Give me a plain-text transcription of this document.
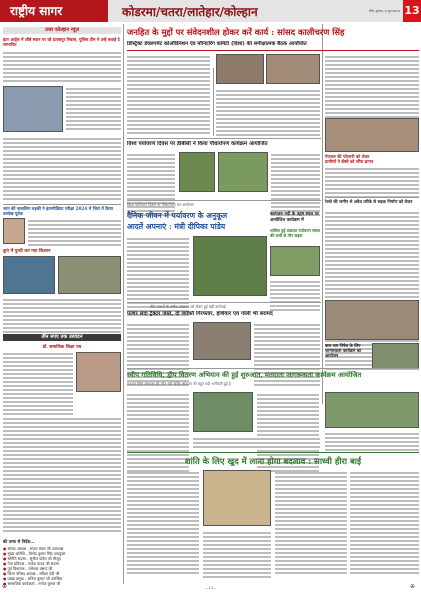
राष्ट्रीय सागर	कोडरमा/चतरा/लातेहार/कोल्हान	राँची, गुरुवार, 6 जून 2024 13
उत्तर कोल्हान न्यूज़
इंटर आर्ट्स में शीर्ष स्थान पर रहे प्रताबपुर निवास, पुलिस टीम ने उन्हें बधाई दे सम्मानित
जाम की नाबालिग लड़की ने इंटरमीडियट परीक्षा 2024 में जिले में किया उल्लेख पूर्वक
कुएं में गुत्थी कर गया किसान
तीन रुपए तक उत्पादन
डॉ. समाजिक शिक्षा पथ
की तरफ से निर्देश...
● सांसद अध्यक्ष - संजय मंडल जी उपाध्यक्ष
● मुख्य अतिथि - विनोद कुमार सिंह उपायुक्त
● समिति सदस्य - सुनील पांडेय जी मौजूद
● नेता प्रतिपक्ष - राजेश यादव जी सदस्य
● पूर्व विधायक - रामेश्वर प्रसाद जी
● जिला परिषद अध्यक्ष - सविता देवी जी
● प्रखंड प्रमुख - अनिल कुमार जी उपस्थित
● सामाजिक कार्यकर्ता - मनोज कुमार जी
जनहित के मुद्दों पर संवेदनशील होकर करें कार्य : सांसद कालीचरण सिंह
डिस्ट्रिक्ट डेवलपमेंट कोऑर्डिनेशन एंड मॉनिटरिंग कमिटी (दिशा) की समीक्षात्मक बैठक आयोजित
विश्व पर्यावरण दिवस पर डीबीसी ने किया पौधारोपण कार्यक्रम आयोजित
पेयजल की परेशानी को लेकर
ग्रामीणों ने डीसी को सौंपा ज्ञापन
रेलवे की जमीन से अवैध तरीके से सड़क निर्माण को लेकर
विश्व पर्यावरण दिवस पर पौधारोपण का आयोजन
दैनिक जीवन में पर्यावरण के अनुकूल
आदतें अपनाएं : मंत्री दीपिका पांडेय
कल्पतरु नदी के उद्गम स्थल पर आयोजित कार्यक्रम में
शामिल हुई प्रख्यात पर्यावरण संस्था की कमी से तीन सड़क
तीन पत्थरों के अवैध उत्खनन को लेकर हुई बड़ी कार्रवाई
पत्थर लदा ट्रैक्टर जब्त, दो व्यक्ति गिरफ्तार, हथियार एवं गोली भी बरामद
बाल श्रम निषेध के लिए जागरूकता कार्यक्रम का आयोजन
स्वीप गतिविधि, द्वीप वितरण अभियान की हुई शुरुआत, मतदाता जागरूकता कार्यक्रम आयोजित
मतदान सिर्फ लोकतंत्र की जीत नहीं बल्कि लोकतंत्र की बहुत बड़ी भागीदारी हुई है
शांति के लिए खुद में लाना होगा बदलाव : साध्वी हीरा बाई
—13—
⊕	⊕
